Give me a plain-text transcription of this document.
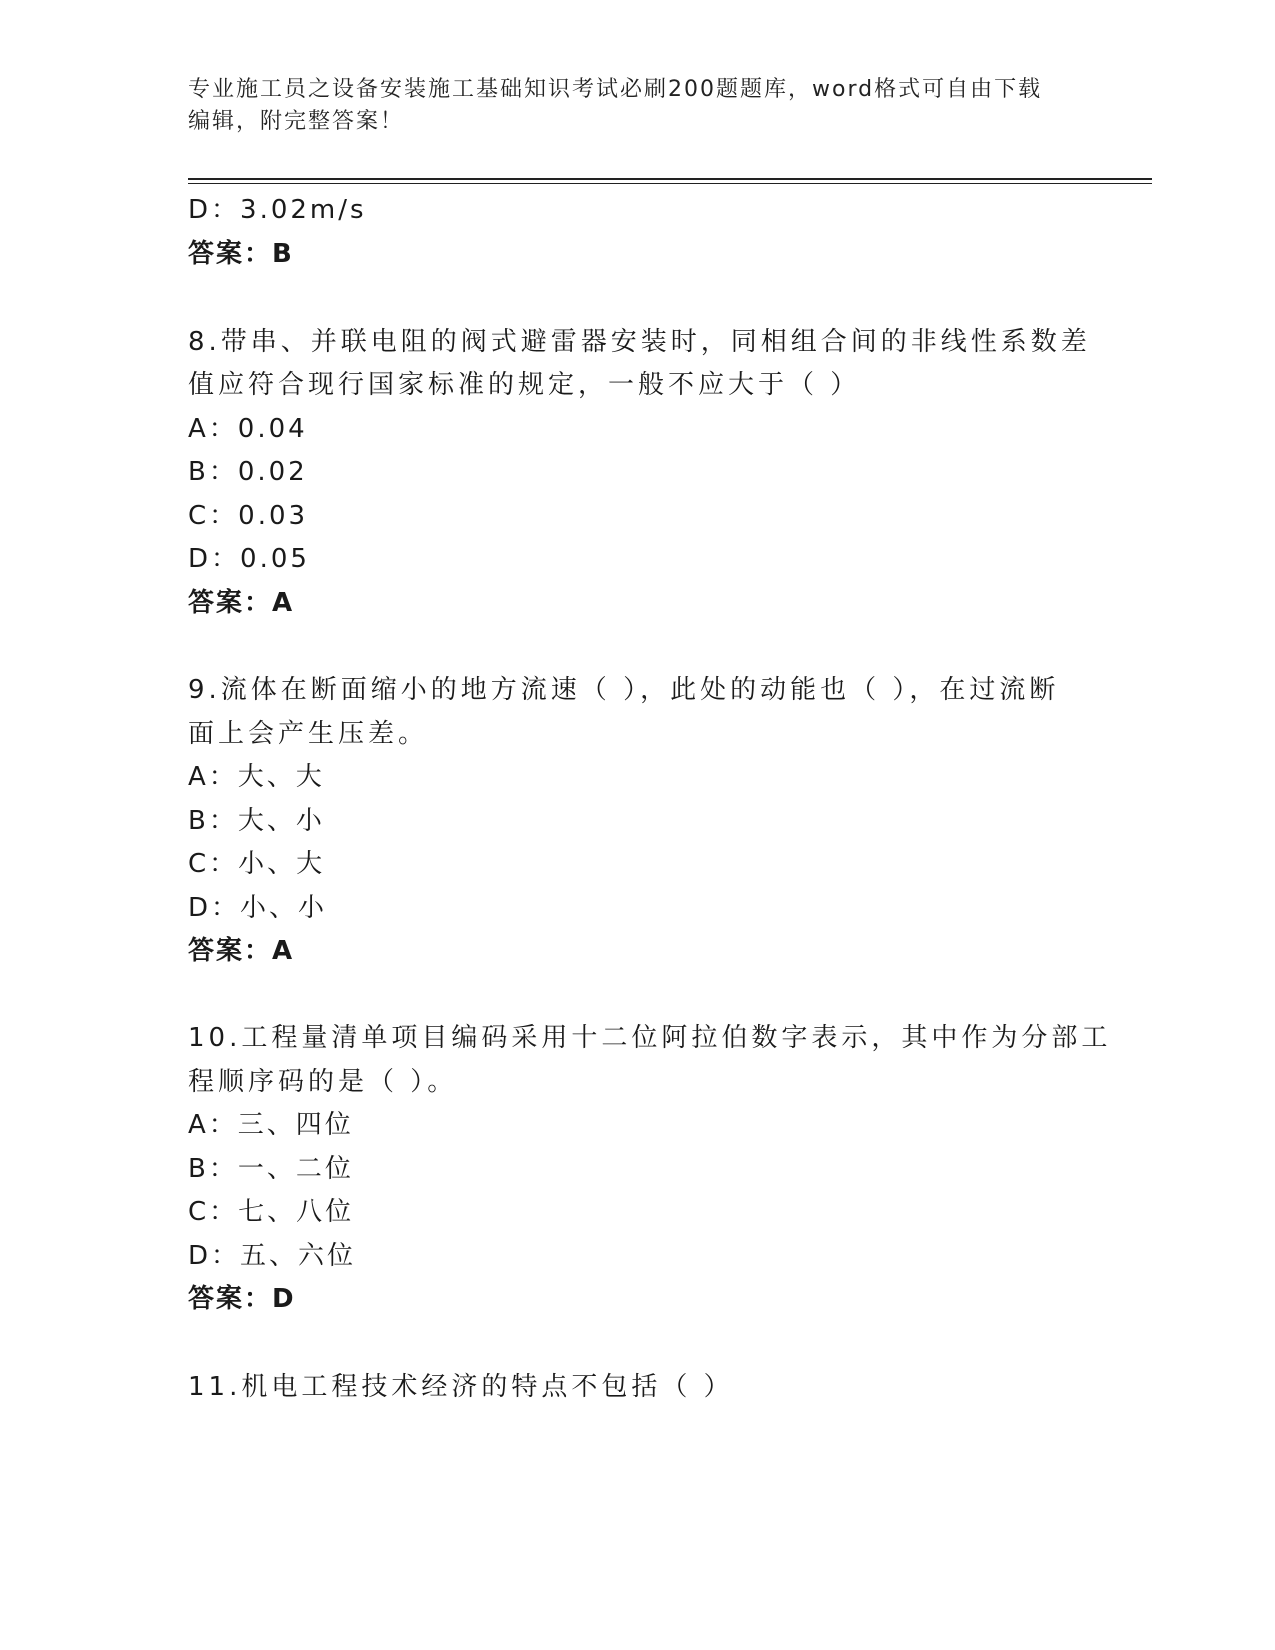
专业施工员之设备安装施工基础知识考试必刷200题题库，word格式可自由下载
编辑，附完整答案！
D：3.02m/s
答案：B
8.带串、并联电阻的阀式避雷器安装时，同相组合间的非线性系数差
值应符合现行国家标准的规定，一般不应大于（ ）
A：0.04
B：0.02
C：0.03
D：0.05
答案：A
9.流体在断面缩小的地方流速（ ），此处的动能也（ ），在过流断
面上会产生压差。
A：大、大
B：大、小
C：小、大
D：小、小
答案：A
10.工程量清单项目编码采用十二位阿拉伯数字表示，其中作为分部工
程顺序码的是（ ）。
A：三、四位
B：一、二位
C：七、八位
D：五、六位
答案：D
11.机电工程技术经济的特点不包括（ ）
